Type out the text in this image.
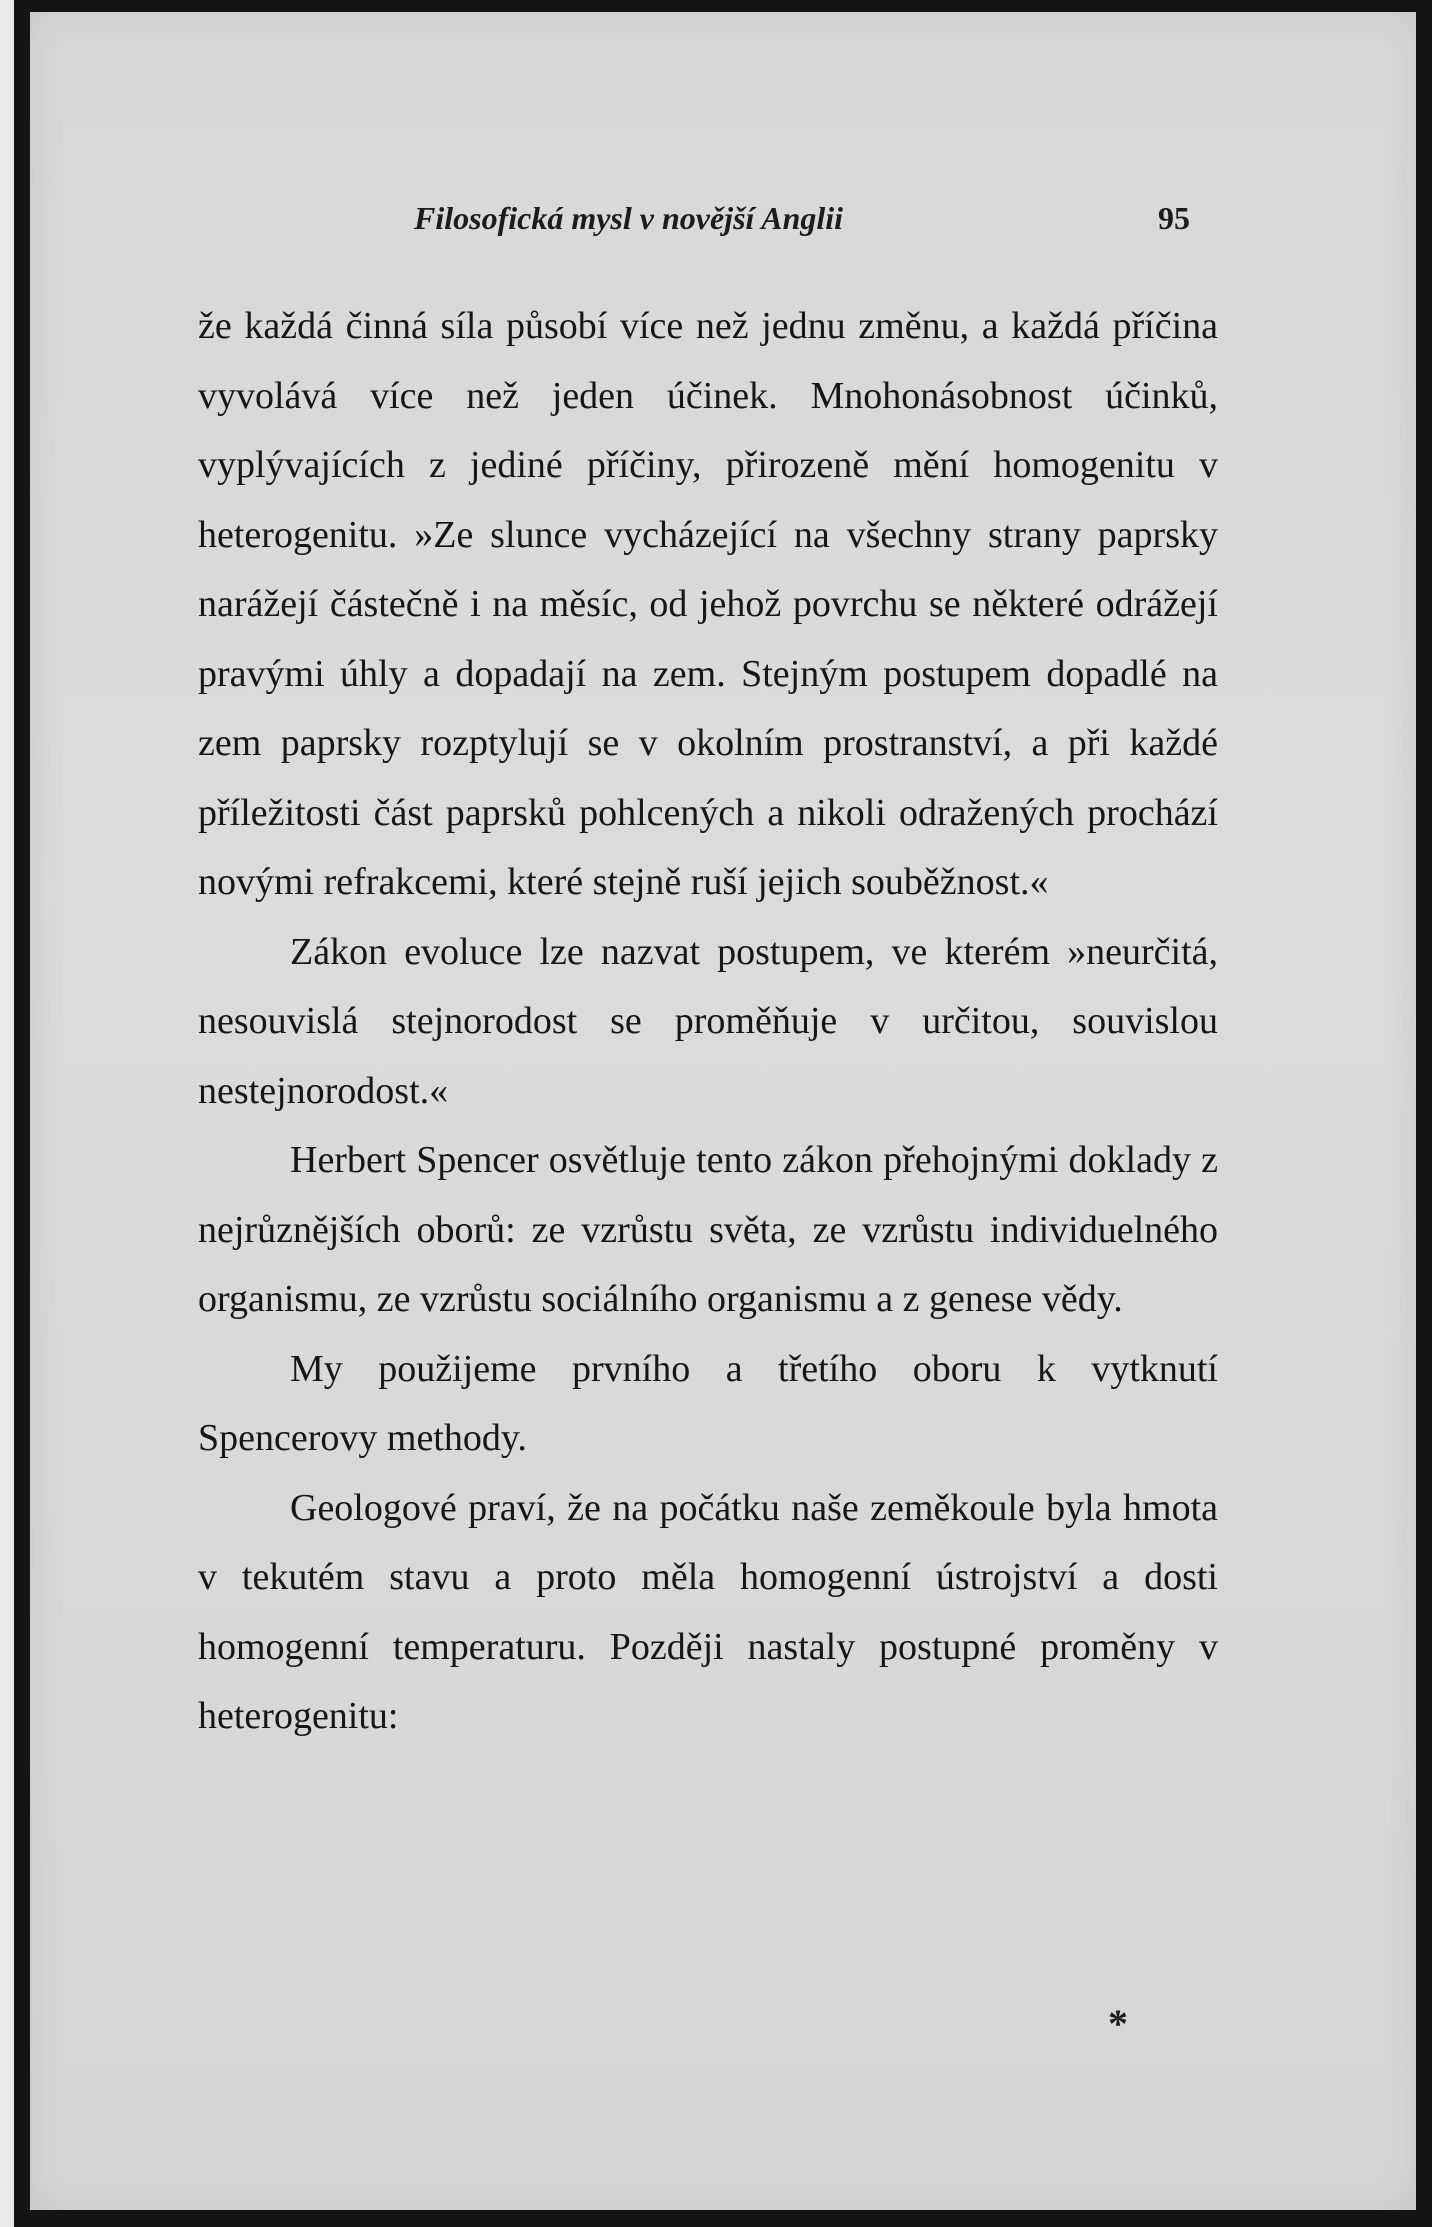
Filosofická mysl v novější Anglii	95

že každá činná síla působí více než jednu změnu, a každá příčina vyvolává více než jeden účinek. Mnohonásobnost účinků, vyplývajících z jediné příčiny, přirozeně mění homogenitu v heterogenitu. »Ze slunce vycházející na všechny strany paprsky narážejí částečně i na měsíc, od jehož povrchu se některé odrážejí pravými úhly a dopadají na zem. Stejným postupem dopadlé na zem paprsky rozptylují se v okolním prostranství, a při každé příležitosti část paprsků pohlcených a nikoli odražených prochází novými refrakcemi, které stejně ruší jejich souběžnost.«

Zákon evoluce lze nazvat postupem, ve kterém »neurčitá, nesouvislá stejnorodost se proměňuje v určitou, souvislou nestejnorodost.«

Herbert Spencer osvětluje tento zákon přehojnými doklady z nejrůznějších oborů: ze vzrůstu světa, ze vzrůstu individuelného organismu, ze vzrůstu sociálního organismu a z genese vědy.

My použijeme prvního a třetího oboru k vytknutí Spencerovy methody.

Geologové praví, že na počátku naše zeměkoule byla hmota v tekutém stavu a proto měla homogenní ústrojství a dosti homogenní temperaturu. Později nastaly postupné proměny v heterogenitu:

*
